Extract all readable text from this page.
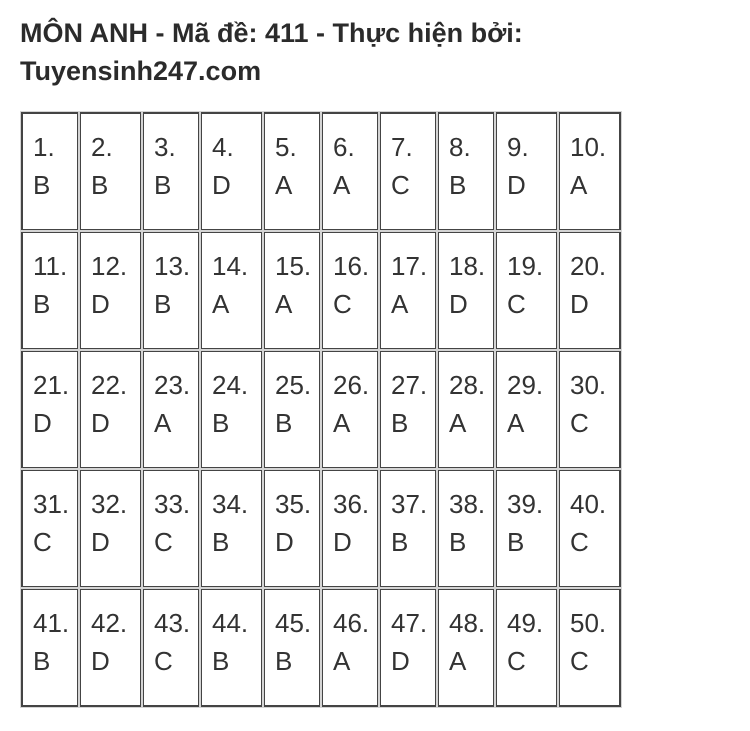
MÔN ANH - Mã đề: 411 - Thực hiện bởi:
Tuyensinh247.com
1.
B	2.
B	3.
B	4.
D	5.
A	6.
A	7.
C	8.
B	9.
D	10.
A

11.
B	12.
D	13.
B	14.
A	15.
A	16.
C	17.
A	18.
D	19.
C	20.
D

21.
D	22.
D	23.
A	24.
B	25.
B	26.
A	27.
B	28.
A	29.
A	30.
C

31.
C	32.
D	33.
C	34.
B	35.
D	36.
D	37.
B	38.
B	39.
B	40.
C

41.
B	42.
D	43.
C	44.
B	45.
B	46.
A	47.
D	48.
A	49.
C	50.
C
